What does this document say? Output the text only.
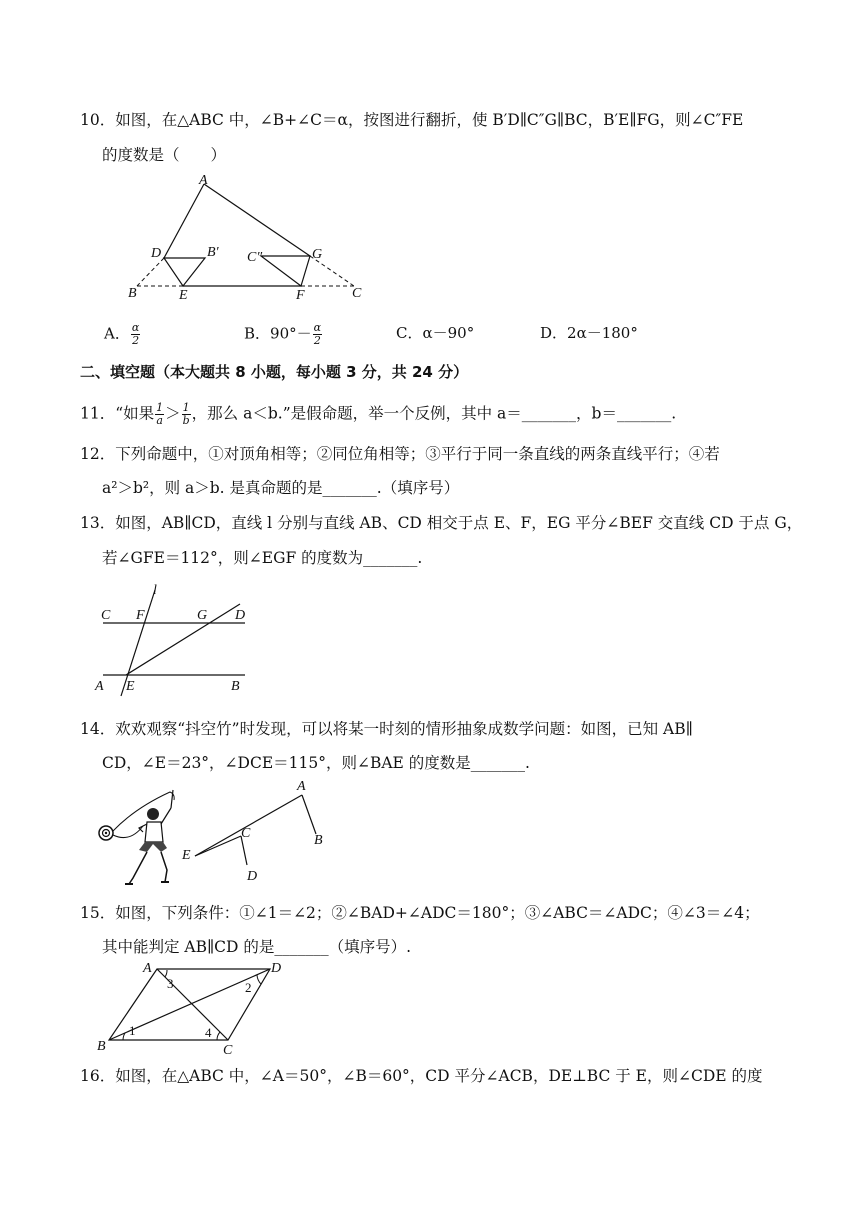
10．如图，在△ABC 中，∠B+∠C＝α，按图进行翻折，使 B′D∥C″G∥BC，B′E∥FG，则∠C″FE
的度数是（　　）
A
D	B′
B	E
C″	G
F	C
A． $\frac{\alpha}{2}$	B．$90^\circ- \frac{\alpha}{2}$	C．α－90°	D．2α－180°
二、填空题（本大题共 8 小题，每小题 3 分，共 24 分）
11．“如果 $\frac{1}{a} > \frac{1}{b}$ ，那么 a＜b.”是假命题，举一个反例，其中 a＝_______，b＝_______.
12．下列命题中，①对顶角相等；②同位角相等；③平行于同一条直线的两条直线平行；④若
a²＞b²，则 a＞b. 是真命题的是_______.（填序号）
13．如图，AB∥CD，直线 l 分别与直线 AB、CD 相交于点 E、F，EG 平分∠BEF 交直线 CD 于点 G，
若∠GFE＝112°，则∠EGF 的度数为_______.
l
C F	G D
A E	B
14．欢欢观察“抖空竹”时发现，可以将某一时刻的情形抽象成数学问题：如图，已知 AB∥
CD，∠E＝23°，∠DCE＝115°，则∠BAE 的度数是_______.
A
B
C
D
E
15．如图，下列条件：①∠1＝∠2；②∠BAD+∠ADC＝180°；③∠ABC＝∠ADC；④∠3＝∠4；
其中能判定 AB∥CD 的是_______（填序号）.
A	D
B	C
1
2
3
4
16．如图，在△ABC 中，∠A＝50°，∠B＝60°，CD 平分∠ACB，DE⊥BC 于 E，则∠CDE 的度
